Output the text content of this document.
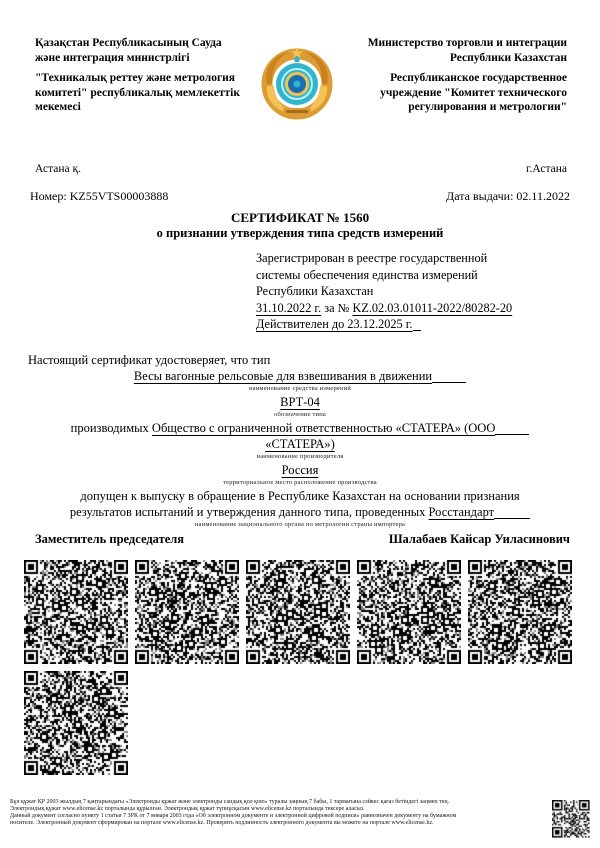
Қазақстан Республикасының Сауда және интеграция министрлігі
"Техникалық реттеу және метрология комитеті" республикалық мемлекеттік мекемесі
Министерство торговли и интеграции Республики Казахстан
Республиканское государственное учреждение "Комитет технического регулирования и метрологии"
Астана қ.	г.Астана
Номер: KZ55VTS00003888	Дата выдачи: 02.11.2022
СЕРТИФИКАТ № 1560
о признании утверждения типа средств измерений
Зарегистрирован в реестре государственной
системы обеспечения единства измерений
Республики Казахстан
31.10.2022 г. за № KZ.02.03.01011-2022/80282-20
Действителен до 23.12.2025 г.
Настоящий сертификат удостоверяет, что тип
Весы вагонные рельсовые для взвешивания в движении
наименование средства измерений
ВРТ-04
обозначение типа
производимых Общество с ограниченной ответственностью «СТАТЕРА» (ООО
«СТАТЕРА»)
наименование производителя
Россия
территориальное место расположение производства
допущен к выпуску в обращение в Республике Казахстан на основании признания
результатов испытаний и утверждения данного типа, проведенных Росстандарт
наименование национального органа по метрологии страны импортера
Заместитель председателя	Шалабаев Кайсар Уиласинович
Бұл құжат ҚР 2003 жылдың 7 қаңтарындағы «Электронды құжат және электронды сандық қол қою» туралы заңның 7 бабы, 1 тармағына сәйкес қағаз бетіндегі заңмен тең.
Электрондық құжат www.elicense.kz порталында құрылған. Электрондық құжат түпнұсқасын www.elicense.kz порталында тексере аласыз.
Данный документ согласно пункту 1 статьи 7 ЗРК от 7 января 2003 года «Об электронном документе и электронной цифровой подписи» равнозначен документу на бумажном
носителе. Электронный документ сформирован на портале www.elicense.kz. Проверить подлинность электронного документа вы можете на портале www.elicense.kz.
